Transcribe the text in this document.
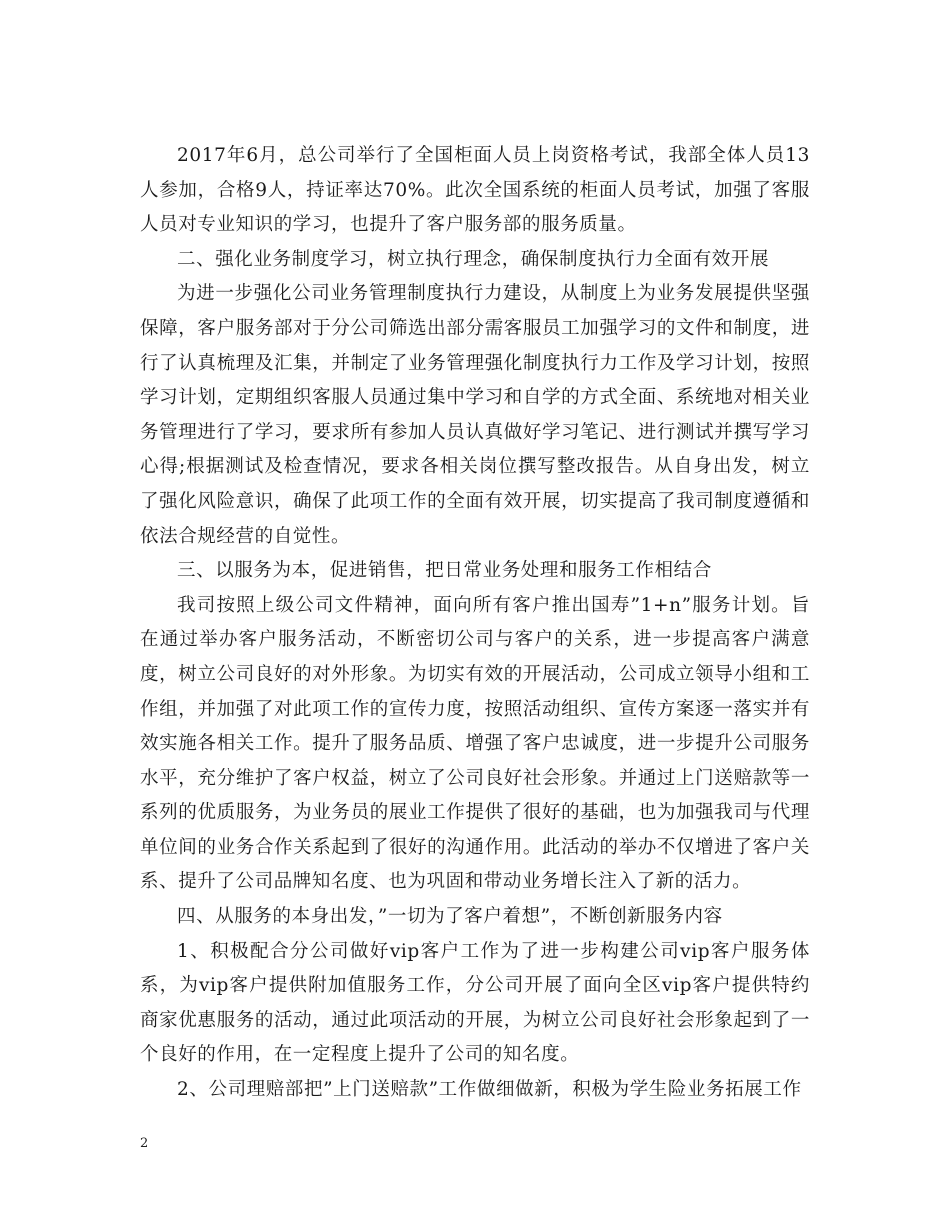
2017年6月，总公司举行了全国柜面人员上岗资格考试，我部全体人员13人参加，合格9人，持证率达70%。此次全国系统的柜面人员考试，加强了客服人员对专业知识的学习，也提升了客户服务部的服务质量。

二、强化业务制度学习，树立执行理念，确保制度执行力全面有效开展

为进一步强化公司业务管理制度执行力建设，从制度上为业务发展提供坚强保障，客户服务部对于分公司筛选出部分需客服员工加强学习的文件和制度，进行了认真梳理及汇集，并制定了业务管理强化制度执行力工作及学习计划，按照学习计划，定期组织客服人员通过集中学习和自学的方式全面、系统地对相关业务管理进行了学习，要求所有参加人员认真做好学习笔记、进行测试并撰写学习心得;根据测试及检查情况，要求各相关岗位撰写整改报告。从自身出发，树立了强化风险意识，确保了此项工作的全面有效开展，切实提高了我司制度遵循和依法合规经营的自觉性。

三、以服务为本，促进销售，把日常业务处理和服务工作相结合

我司按照上级公司文件精神，面向所有客户推出国寿”1+n”服务计划。旨在通过举办客户服务活动，不断密切公司与客户的关系，进一步提高客户满意度，树立公司良好的对外形象。为切实有效的开展活动，公司成立领导小组和工作组，并加强了对此项工作的宣传力度，按照活动组织、宣传方案逐一落实并有效实施各相关工作。提升了服务品质、增强了客户忠诚度，进一步提升公司服务水平，充分维护了客户权益，树立了公司良好社会形象。并通过上门送赔款等一系列的优质服务，为业务员的展业工作提供了很好的基础，也为加强我司与代理单位间的业务合作关系起到了很好的沟通作用。此活动的举办不仅增进了客户关系、提升了公司品牌知名度、也为巩固和带动业务增长注入了新的活力。

四、从服务的本身出发，”一切为了客户着想”，不断创新服务内容

1、积极配合分公司做好vip客户工作为了进一步构建公司vip客户服务体系，为vip客户提供附加值服务工作，分公司开展了面向全区vip客户提供特约商家优惠服务的活动，通过此项活动的开展，为树立公司良好社会形象起到了一个良好的作用，在一定程度上提升了公司的知名度。

2、公司理赔部把”上门送赔款”工作做细做新，积极为学生险业务拓展工作

2
